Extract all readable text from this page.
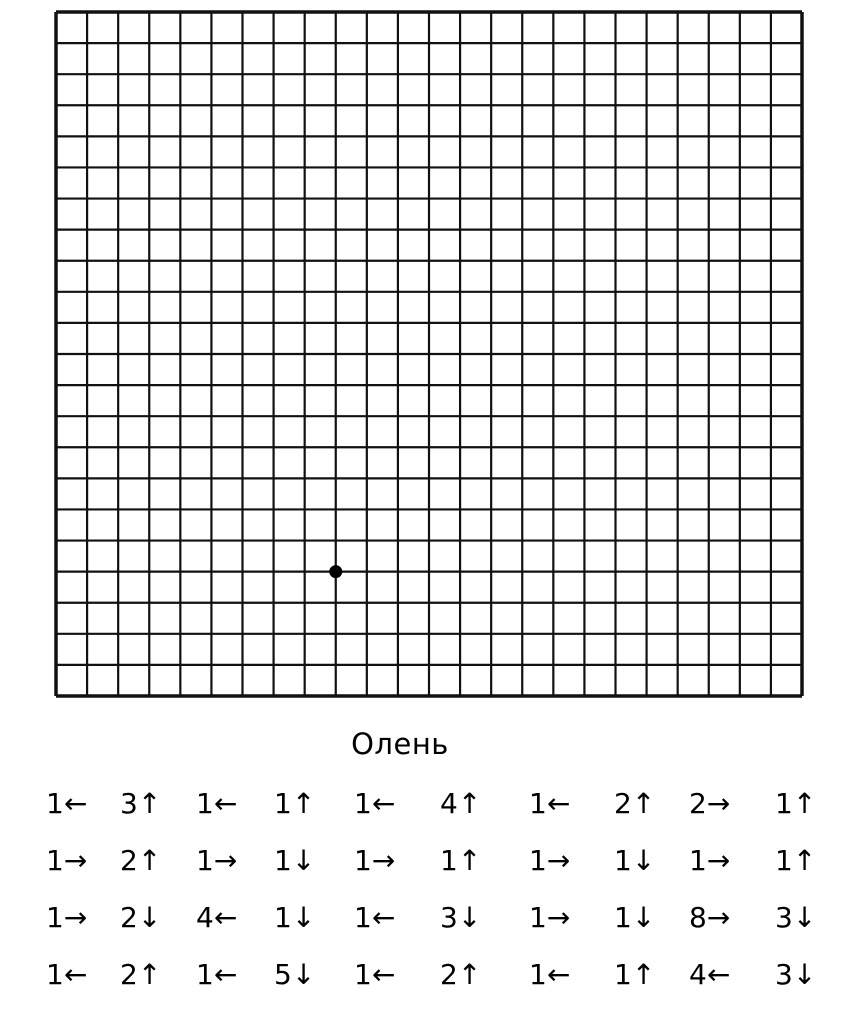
Олень
1←	3↑	1←	1↑	1←	4↑	1←	2↑	2→	1↑
1→	2↑	1→	1↓	1→	1↑	1→	1↓	1→	1↑
1→	2↓	4←	1↓	1←	3↓	1→	1↓	8→	3↓
1←	2↑	1←	5↓	1←	2↑	1←	1↑	4←	3↓
